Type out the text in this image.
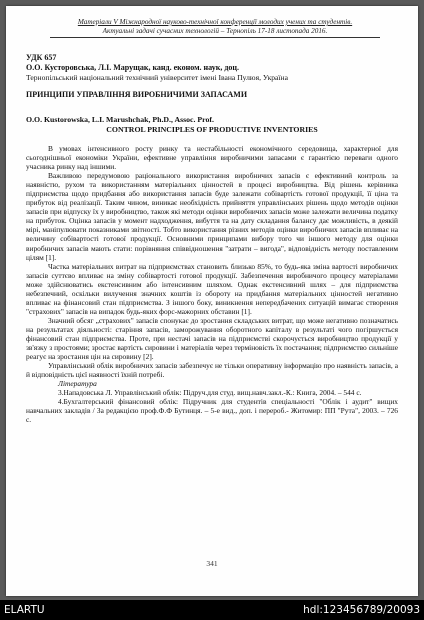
Матеріали V Міжнародної науково-технічної конференції молодих учених та студентів.
Актуальні задачі сучасних технологій – Тернопіль 17-18 листопада 2016.
УДК 657
О.О. Кусторовська, Л.І. Марущак, канд. економ. наук, доц.
Тернопільський національний технічний університет імені Івана Пулюя, Україна
ПРИНЦИПИ УПРАВЛІННЯ ВИРОБНИЧИМИ ЗАПАСАМИ
O.O. Kustorowska, L.I. Marushchak, Ph.D., Assoc. Prof.
CONTROL PRINCIPLES OF PRODUCTIVE INVENTORIES

В умовах інтенсивного росту ринку та нестабільності економічного середовища, характерної для сьогоднішньої економіки України, ефективне управління виробничими запасами є гарантією переваги одного учасника ринку над іншими.

Важливою передумовою раціонального використання виробничих запасів є ефективний контроль за наявністю, рухом та використанням матеріальних цінностей в процесі виробництва. Від рішень керівника підприємства щодо придбання або використання запасів буде залежати собівартість готової продукції, її ціна та прибуток від реалізації. Таким чином, виникає необхідність прийняття управлінських рішень щодо методів оцінки запасів при відпуску їх у виробництво, також які методи оцінки виробничих запасів може залежати величина податку на прибуток. Оцінка запасів у момент надходження, вибуття та на дату складання балансу дає можливість, в деякій мірі, маніпулювати показниками звітності. Тобто використання різних методів оцінки виробничих запасів впливає на величину собівартості готової продукції. Основними принципами вибору того чи іншого методу для оцінки виробничих запасів мають стати: порівняння співвідношення "затрати – вигода", відповідність методу поставленим цілям [1].

Частка матеріальних витрат на підприємствах становить близько 85%, то будь-яка зміна вартості виробничих запасів суттєво впливає на зміну собівартості готової продукції. Забезпечення виробничого процесу матеріалами може здійснюватись екстенсивним або інтенсивним шляхом. Однак екстенсивний шлях – для підприємства небезпечний, оскільки вилучення значних коштів із обороту на придбання матеріальних цінностей негативно впливає на фінансовий стан підприємства. З іншого боку, виникнення непередбачених ситуацій вимагає створення "страхових" запасів на випадок будь-яких форс-мажорних обставин [1].

Значний обсяг „страхових" запасів спонукає до зростання складських витрат, що може негативно позначатись на результатах діяльності: старіння запасів, заморожування оборотного капіталу в результаті чого погіршується фінансовий стан підприємства. Проте, при нестачі запасів на підприємстві скорочується виробництво продукції у зв'язку з простоями; зростає вартість сировини і матеріалів через терміновість їх постачання; підприємство сильніше реагує на зростання цін на сировину [2].

Управлінський облік виробничих запасів забезпечує не тільки оперативну інформацію про наявність запасів, а й відповідність цієї наявності їхній потребі.

Література

3.Нападовська Л. Управлінський облік: Підруч.для студ. вищ.навч.закл.-К.: Книга, 2004. – 544 с.

4.Бухгалтерський фінансовий облік: Підручник для студентів спеціальності "Облік і аудит" вищих навчальних закладів / За редакцією проф.Ф.Ф Бутинця. – 5-е вид., доп. і перероб.- Житомир: ПП "Рута", 2003. – 726 с.

341
ELARTU	hdl:123456789/20093
